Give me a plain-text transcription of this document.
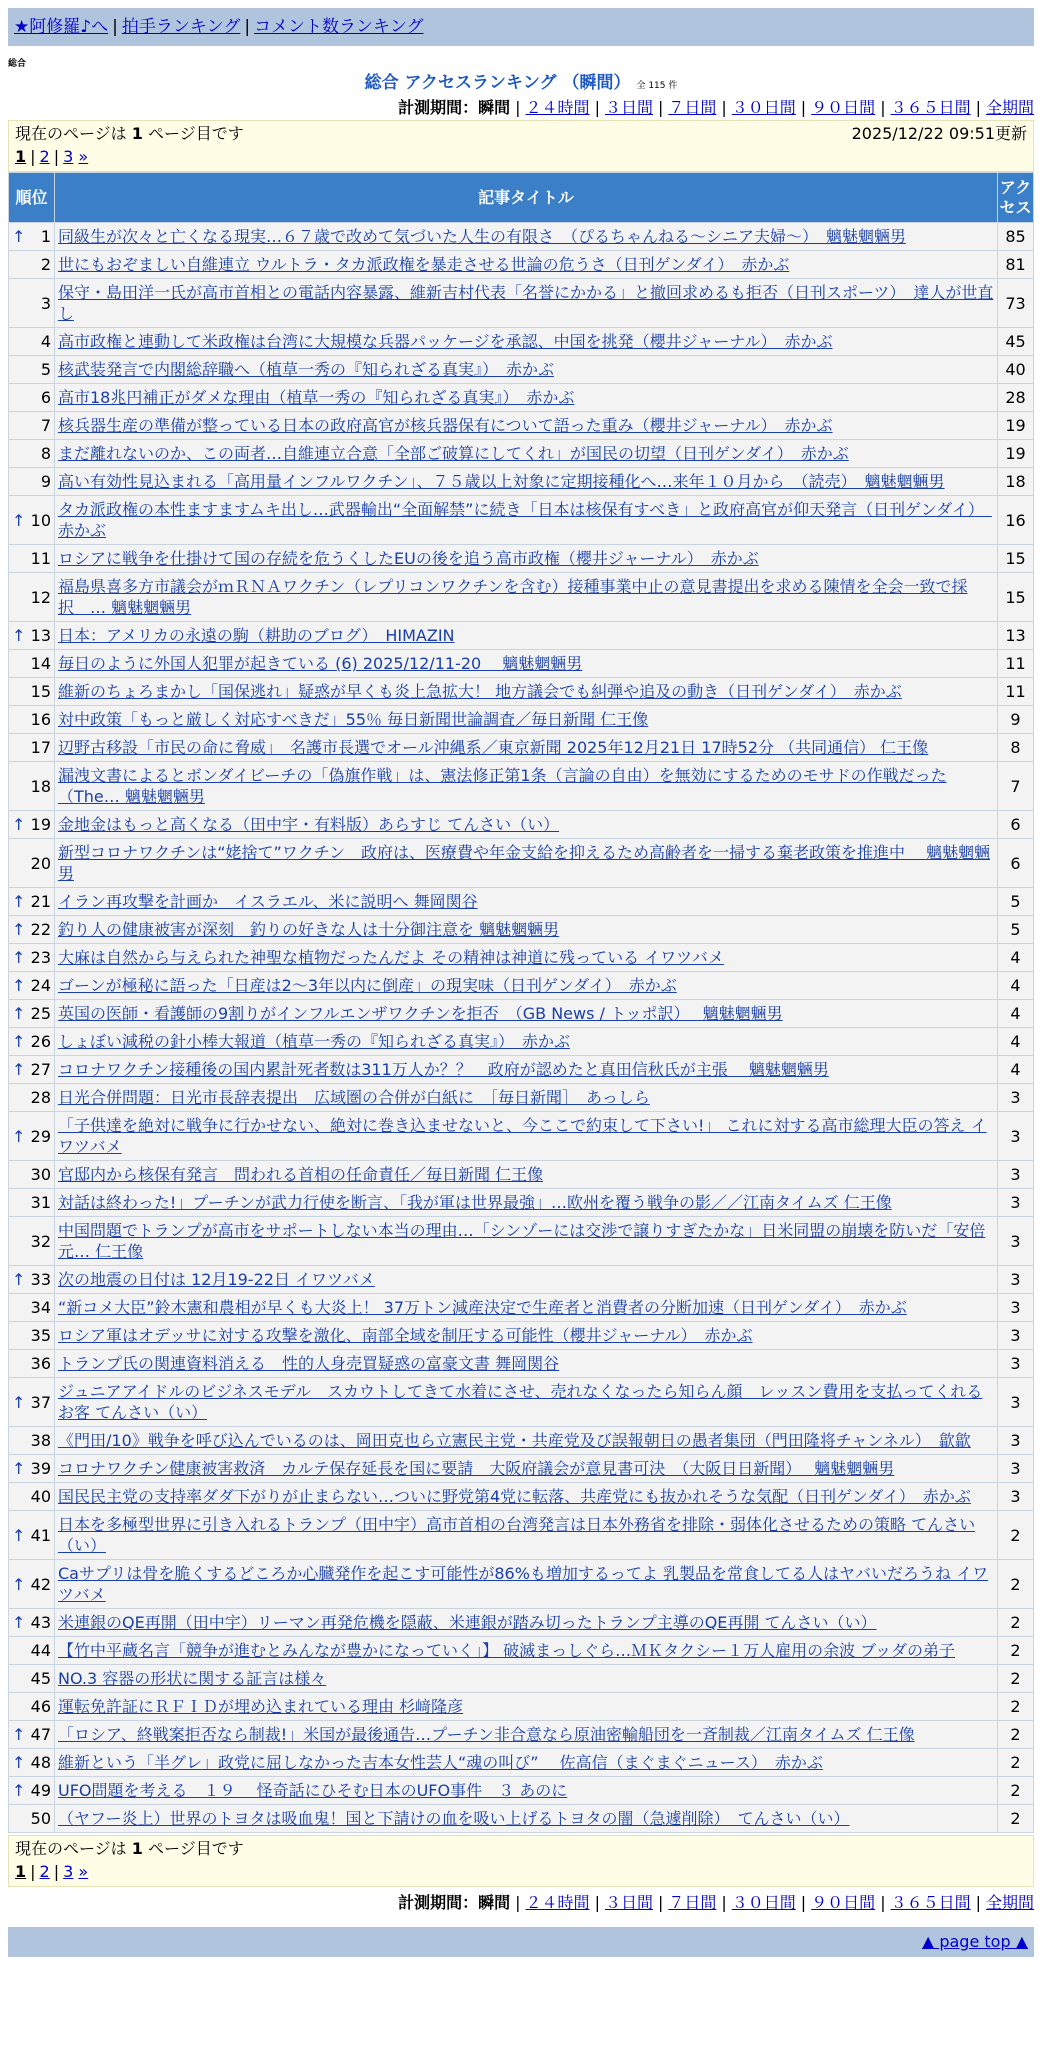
★阿修羅♪へ | 拍手ランキング | コメント数ランキング
総合
総合 アクセスランキング （瞬間） 全 115 件
計測期間：瞬間 | ２４時間 | ３日間 | ７日間 | ３０日間 | ９０日間 | ３６５日間 | 全期間
現在のページは 1 ページ目です	2025/12/22 09:51更新
1 | 2 | 3 »
順位	記事タイトル	アクセス

↑ 1	同級生が次々と亡くなる現実…６７歳で改めて気づいた人生の有限さ　（ぴるちゃんねる～シニア夫婦～）　魑魅魍魎男	85
2	世にもおぞましい自維連立 ウルトラ・タカ派政権を暴走させる世論の危うさ（日刊ゲンダイ）　赤かぶ	81
3	保守・島田洋一氏が高市首相との電話内容暴露、維新吉村代表「名誉にかかる」と撤回求めるも拒否（日刊スポーツ）　達人が世直し	73
4	高市政権と連動して米政権は台湾に大規模な兵器パッケージを承認、中国を挑発（櫻井ジャーナル）　赤かぶ	45
5	核武装発言で内閣総辞職へ（植草一秀の『知られざる真実』）　赤かぶ	40
6	高市18兆円補正がダメな理由（植草一秀の『知られざる真実』）　赤かぶ	28
7	核兵器生産の準備が整っている日本の政府高官が核兵器保有について語った重み（櫻井ジャーナル）　赤かぶ	19
8	まだ離れないのか、この両者…自維連立合意「全部ご破算にしてくれ」が国民の切望（日刊ゲンダイ）　赤かぶ	19
9	高い有効性見込まれる「高用量インフルワクチン」、７５歳以上対象に定期接種化へ…来年１０月から　（読売）　魑魅魍魎男	18

↑ 10	タカ派政権の本性ますますムキ出し…武器輸出“全面解禁”に続き「日本は核保有すべき」と政府高官が仰天発言（日刊ゲンダイ）　赤かぶ	16
11	ロシアに戦争を仕掛けて国の存続を危うくしたEUの後を追う高市政権（櫻井ジャーナル）　赤かぶ	15
12	福島県喜多方市議会がｍＲＮＡワクチン（レプリコンワクチンを含む）接種事業中止の意見書提出を求める陳情を全会一致で採択　… 魑魅魍魎男	15

↑ 13	日本：アメリカの永遠の駒（耕助のブログ）　HIMAZIN	13
14	毎日のように外国人犯罪が起きている (6) 2025/12/11-20　 魑魅魍魎男	11
15	維新のちょろまかし「国保逃れ」疑惑が早くも炎上急拡大！ 地方議会でも糾弾や追及の動き（日刊ゲンダイ）　赤かぶ	11
16	対中政策「もっと厳しく対応すべきだ」55％ 毎日新聞世論調査／毎日新聞 仁王像	9
17	辺野古移設「市民の命に脅威」　名護市長選でオール沖縄系／東京新聞 2025年12月21日 17時52分 （共同通信） 仁王像	8
18	漏洩文書によるとボンダイビーチの「偽旗作戦」は、憲法修正第1条（言論の自由）を無効にするためのモサドの作戦だった（The… 魑魅魍魎男	7

↑ 19	金地金はもっと高くなる（田中宇・有料版）あらすじ てんさい（い）	6
20	新型コロナワクチンは“姥捨て”ワクチン　政府は、医療費や年金支給を抑えるため高齢者を一掃する棄老政策を推進中　 魑魅魍魎男	6

↑ 21	イラン再攻撃を計画か　イスラエル、米に説明へ 舞岡関谷	5

↑ 22	釣り人の健康被害が深刻　釣りの好きな人は十分御注意を 魑魅魍魎男	5

↑ 23	大麻は自然から与えられた神聖な植物だったんだよ その精神は神道に残っている イワツバメ	4

↑ 24	ゴーンが極秘に語った「日産は2～3年以内に倒産」の現実味（日刊ゲンダイ）　赤かぶ	4

↑ 25	英国の医師・看護師の9割りがインフルエンザワクチンを拒否　（GB News / トッポ訳）　 魑魅魍魎男	4

↑ 26	しょぼい減税の針小棒大報道（植草一秀の『知られざる真実』）　赤かぶ	4

↑ 27	コロナワクチン接種後の国内累計死者数は311万人か？？　政府が認めたと真田信秋氏が主張　 魑魅魍魎男	4
28	日光合併問題：日光市長辞表提出　広域圏の合併が白紙に　［毎日新聞］　あっしら	3

↑ 29	「子供達を絶対に戦争に行かせない、絶対に巻き込ませないと、今ここで約束して下さい!」 これに対する高市総理大臣の答え イワツバメ	3
30	官邸内から核保有発言　問われる首相の任命責任／毎日新聞 仁王像	3
31	対話は終わった!」プーチンが武力行使を断言、「我が軍は世界最強」…欧州を覆う戦争の影／／江南タイムズ 仁王像	3
32	中国問題でトランプが高市をサポートしない本当の理由…「シンゾーには交渉で譲りすぎたかな」日米同盟の崩壊を防いだ「安倍元… 仁王像	3

↑ 33	次の地震の日付は 12月19-22日 イワツバメ	3
34	“新コメ大臣”鈴木憲和農相が早くも大炎上！ 37万トン減産決定で生産者と消費者の分断加速（日刊ゲンダイ）　赤かぶ	3
35	ロシア軍はオデッサに対する攻撃を激化、南部全域を制圧する可能性（櫻井ジャーナル）　赤かぶ	3
36	トランプ氏の関連資料消える　性的人身売買疑惑の富豪文書 舞岡関谷	3

↑ 37	ジュニアアイドルのビジネスモデル　スカウトしてきて水着にさせ、売れなくなったら知らん顔　レッスン費用を支払ってくれるお客 てんさい（い）	3
38	《門田/10》戦争を呼び込んでいるのは、岡田克也ら立憲民主党・共産党及び誤報朝日の愚者集団（門田隆将チャンネル）　歙歙	3

↑ 39	コロナワクチン健康被害救済　カルテ保存延長を国に要請　大阪府議会が意見書可決　（大阪日日新聞）　 魑魅魍魎男	3
40	国民民主党の支持率ダダ下がりが止まらない…ついに野党第4党に転落、共産党にも抜かれそうな気配（日刊ゲンダイ）　赤かぶ	3

↑ 41	日本を多極型世界に引き入れるトランプ（田中宇）高市首相の台湾発言は日本外務省を排除・弱体化させるための策略 てんさい（い）	2

↑ 42	Caサプリは骨を脆くするどころか心臓発作を起こす可能性が86%も増加するってよ 乳製品を常食してる人はヤバいだろうね イワツバメ	2

↑ 43	米連銀のQE再開（田中宇）リーマン再発危機を隠蔽、米連銀が踏み切ったトランプ主導のQE再開 てんさい（い）	2
44	【竹中平蔵名言「競争が進むとみんなが豊かになっていく」】 破滅まっしぐら…ＭＫタクシー１万人雇用の余波 ブッダの弟子	2
45	NO.3 容器の形状に関する証言は様々	2
46	運転免許証にＲＦＩＤが埋め込まれている理由 杉﨑隆彦	2

↑ 47	「ロシア、終戦案拒否なら制裁!」米国が最後通告…プーチン非合意なら原油密輸船団を一斉制裁／江南タイムズ 仁王像	2

↑ 48	維新という「半グレ」政党に屈しなかった吉本女性芸人“魂の叫び”　 佐高信（まぐまぐニュース）　赤かぶ	2

↑ 49	UFO問題を考える　１９　 怪奇話にひそむ日本のUFO事件　３ あのに	2
50	（ヤフー炎上）世界のトヨタは吸血鬼！国と下請けの血を吸い上げるトヨタの闇（急遽削除）　てんさい（い）	2
現在のページは 1 ページ目です
1 | 2 | 3 »
計測期間：瞬間 | ２４時間 | ３日間 | ７日間 | ３０日間 | ９０日間 | ３６５日間 | 全期間
▲ page top ▲
